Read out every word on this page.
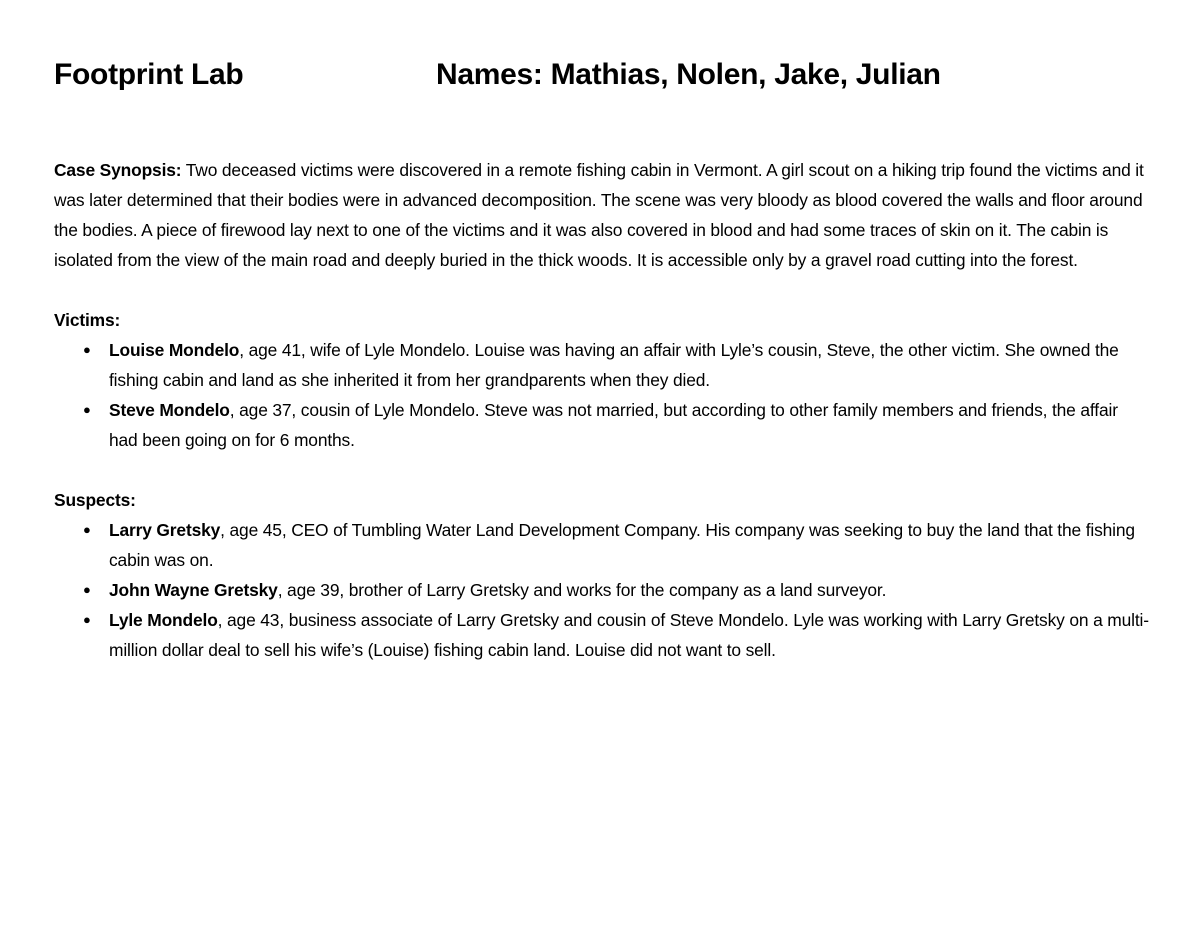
Footprint Lab	Names: Mathias, Nolen, Jake, Julian

Case Synopsis: Two deceased victims were discovered in a remote fishing cabin in Vermont. A girl scout on a hiking trip found the victims and it was later determined that their bodies were in advanced decomposition. The scene was very bloody as blood covered the walls and floor around the bodies. A piece of firewood lay next to one of the victims and it was also covered in blood and had some traces of skin on it. The cabin is isolated from the view of the main road and deeply buried in the thick woods. It is accessible only by a gravel road cutting into the forest.

Victims:

● Louise Mondelo, age 41, wife of Lyle Mondelo. Louise was having an affair with Lyle’s cousin, Steve, the other victim. She owned the fishing cabin and land as she inherited it from her grandparents when they died.
● Steve Mondelo, age 37, cousin of Lyle Mondelo. Steve was not married, but according to other family members and friends, the affair had been going on for 6 months.

Suspects:

● Larry Gretsky, age 45, CEO of Tumbling Water Land Development Company. His company was seeking to buy the land that the fishing cabin was on.
● John Wayne Gretsky, age 39, brother of Larry Gretsky and works for the company as a land surveyor.
● Lyle Mondelo, age 43, business associate of Larry Gretsky and cousin of Steve Mondelo. Lyle was working with Larry Gretsky on a multi-million dollar deal to sell his wife’s (Louise) fishing cabin land. Louise did not want to sell.
